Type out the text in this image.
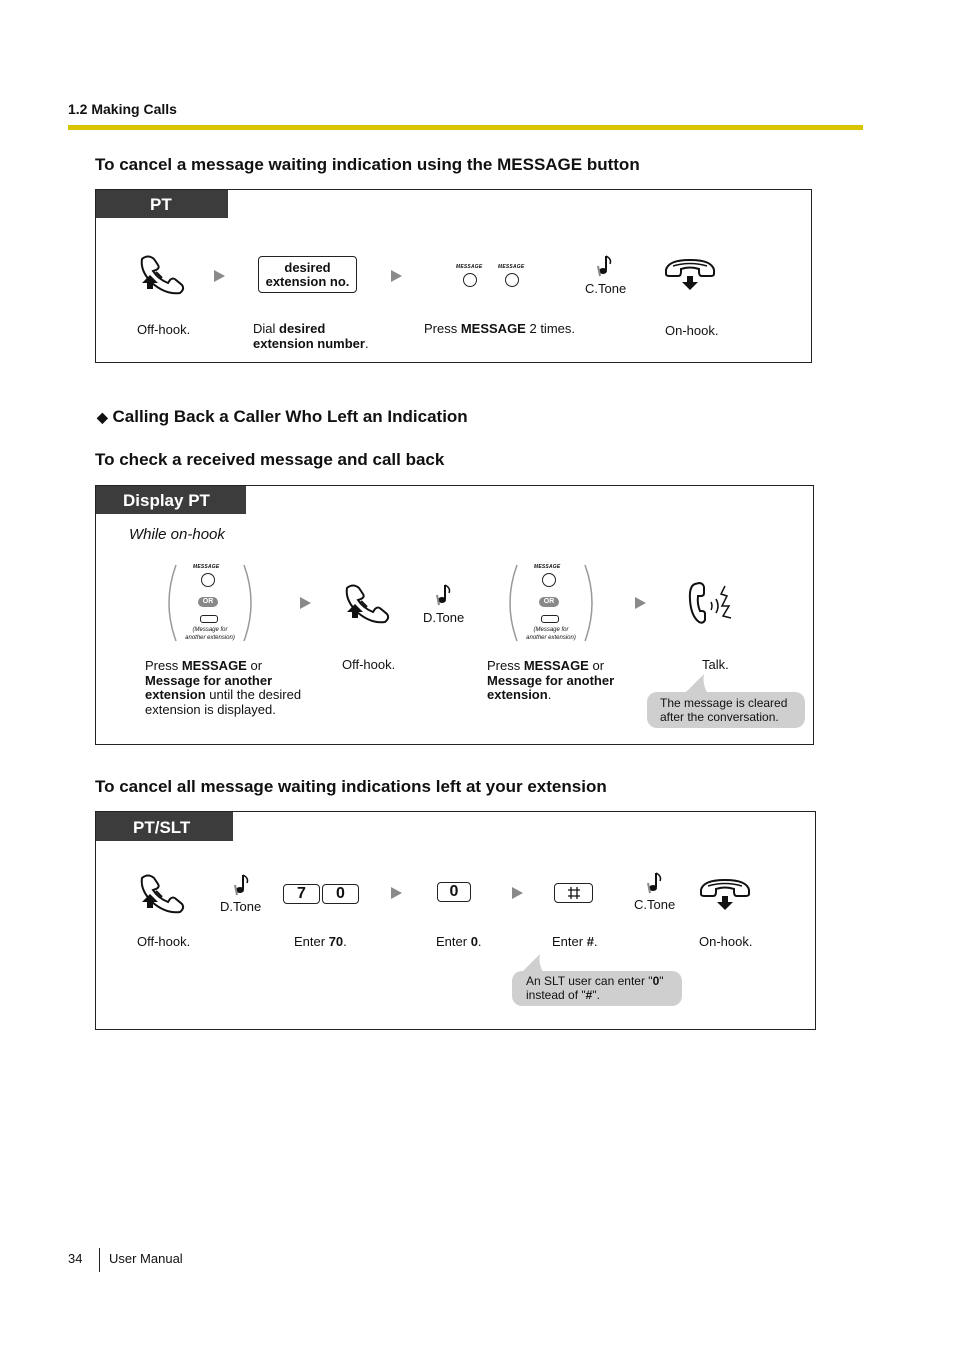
1.2 Making Calls
To cancel a message waiting indication using the MESSAGE button
PT
desired
extension no.
MESSAGE	MESSAGE
C.Tone
Off-hook.	Dial desired
extension number.
Press MESSAGE 2 times.	On-hook.
◆ Calling Back a Caller Who Left an Indication
To check a received message and call back
Display PT
While on-hook
MESSAGE
OR
(Message for
another extension)
D.Tone
MESSAGE
OR
(Message for
another extension)
Press MESSAGE or
Message for another
extension until the desired
extension is displayed.
Off-hook.	Press MESSAGE or
Message for another
extension.
Talk.
The message is cleared
after the conversation.
To cancel all message waiting indications left at your extension
PT/SLT
D.Tone
7	0	0
C.Tone
Off-hook.	Enter 70.	Enter 0.	Enter #.	On-hook.
An SLT user can enter "0"
instead of "#".
34 User Manual
